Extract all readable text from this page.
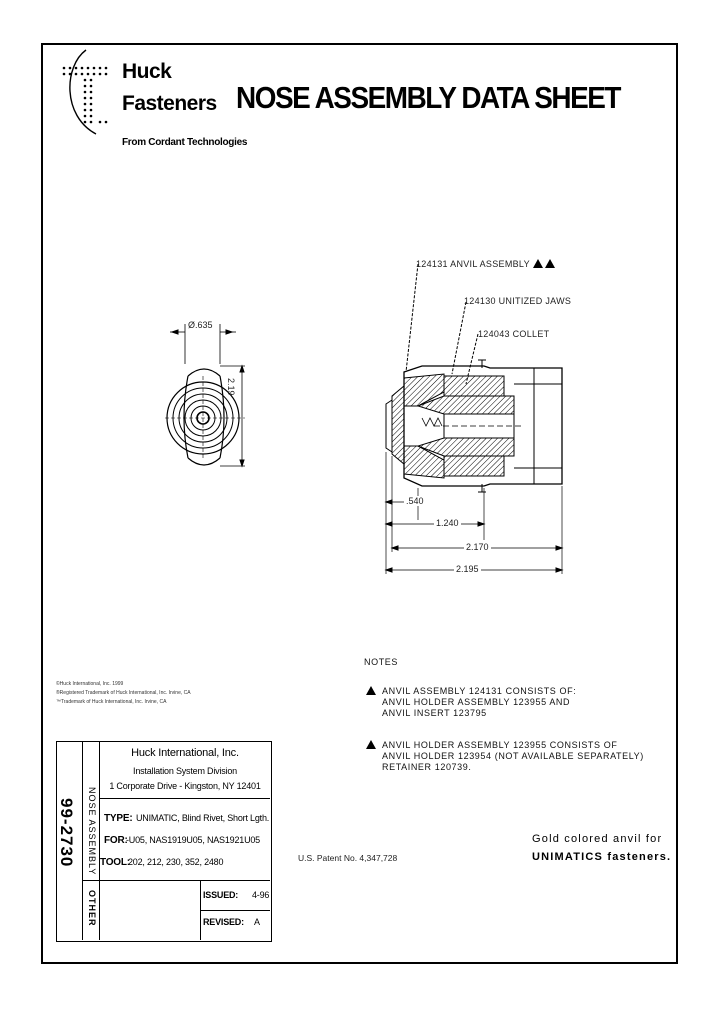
Huck
Fasteners
From Cordant Technologies
NOSE ASSEMBLY DATA SHEET
Ø.635
2.19
124131 ANVIL ASSEMBLY
124130 UNITIZED JAWS
124043 COLLET
.540
1.240
2.170
2.195
©Huck International, Inc. 1999
®Registered Trademark of Huck International, Inc. Irvine, CA
™Trademark of Huck International, Inc. Irvine, CA
NOTES
ANVIL ASSEMBLY 124131 CONSISTS OF:
ANVIL HOLDER ASSEMBLY 123955 AND
ANVIL INSERT 123795
ANVIL HOLDER ASSEMBLY 123955 CONSISTS OF
ANVIL HOLDER 123954 (NOT AVAILABLE SEPARATELY)
RETAINER 120739.
Gold colored anvil for
UNIMATICS fasteners.
U.S. Patent No. 4,347,728
99-2730 NOSE ASSEMBLY
OTHER
Huck International, Inc.
Installation System Division
1 Corporate Drive - Kingston, NY 12401
TYPE: UNIMATIC, Blind Rivet, Short Lgth.
FOR:
-U05, NAS1919U05, NAS1921U05
TOOL:
202, 212, 230, 352, 2480
ISSUED: 4-96
REVISED: A
